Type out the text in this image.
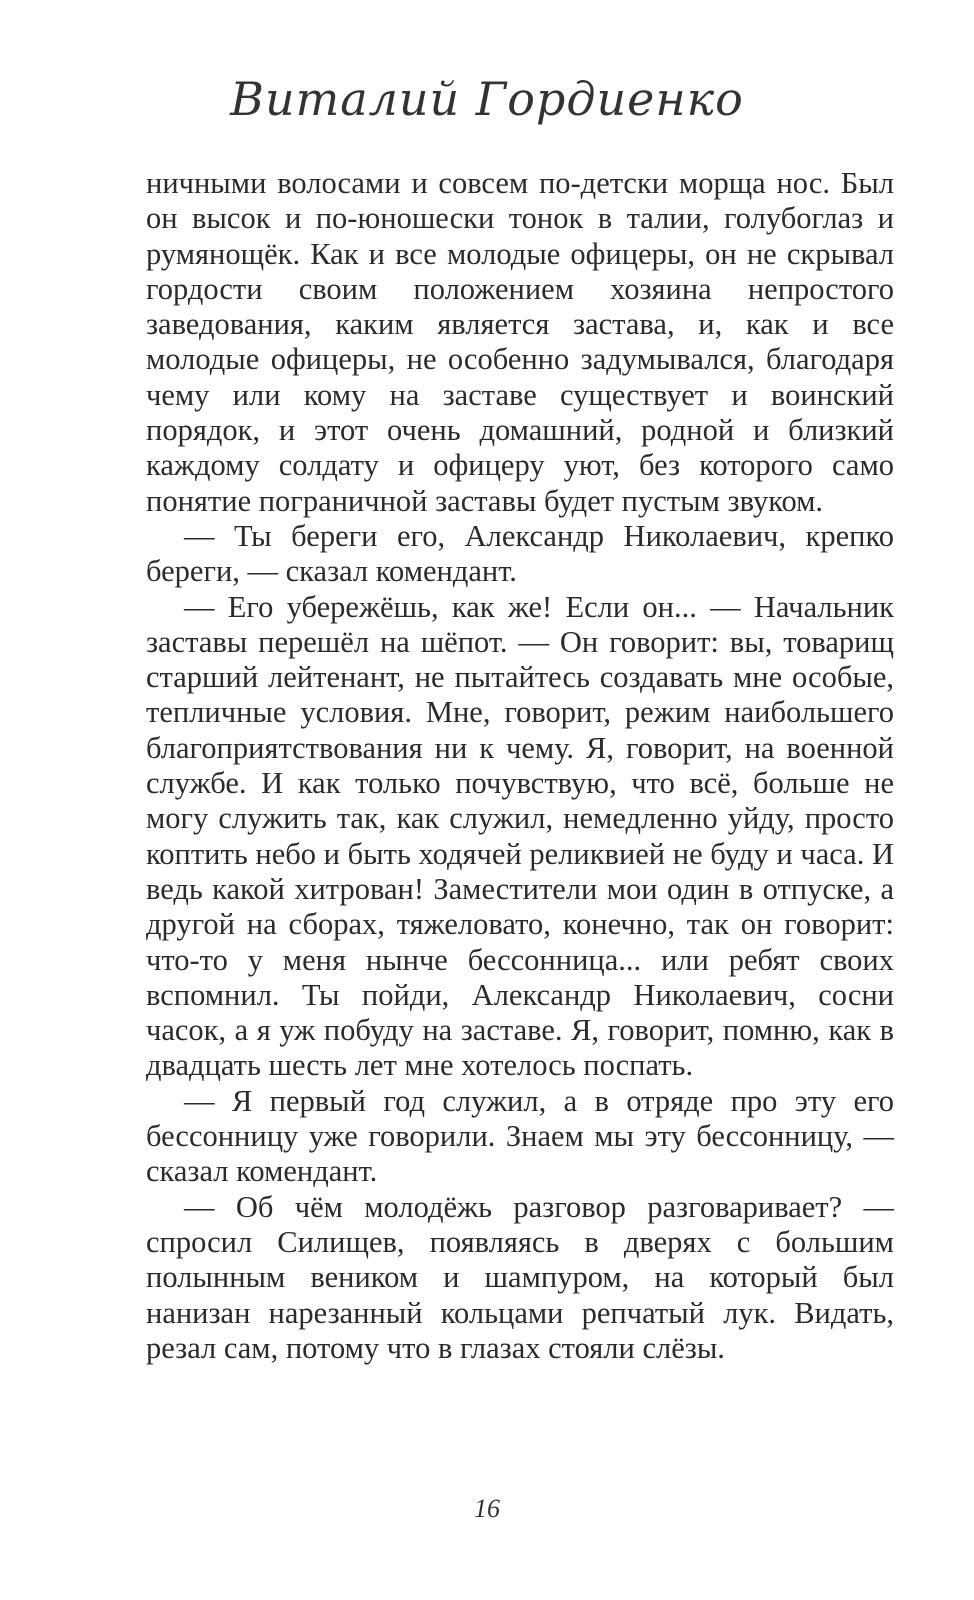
Виталий Гордиенко

ничными волосами и совсем по-детски морща нос. Был он высок и по-юношески тонок в талии, голубоглаз и румянощёк. Как и все молодые офицеры, он не скрывал гордости своим положением хозяина непростого заведования, каким является застава, и, как и все молодые офицеры, не особенно задумывался, благодаря чему или кому на заставе существует и воинский порядок, и этот очень домашний, родной и близкий каждому солдату и офицеру уют, без которого само понятие пограничной заставы будет пустым звуком.

— Ты береги его, Александр Николаевич, крепко береги, — сказал комендант.

— Его убережёшь, как же! Если он... — Начальник заставы перешёл на шёпот. — Он говорит: вы, товарищ старший лейтенант, не пытайтесь создавать мне особые, тепличные условия. Мне, говорит, режим наибольшего благоприятствования ни к чему. Я, говорит, на военной службе. И как только почувствую, что всё, больше не могу служить так, как служил, немедленно уйду, просто коптить небо и быть ходячей реликвией не буду и часа. И ведь какой хитрован! Заместители мои один в отпуске, а другой на сборах, тяжеловато, конечно, так он говорит: что-то у меня нынче бессонница... или ребят своих вспомнил. Ты пойди, Александр Николаевич, сосни часок, а я уж побуду на заставе. Я, говорит, помню, как в двадцать шесть лет мне хотелось поспать.

— Я первый год служил, а в отряде про эту его бессонницу уже говорили. Знаем мы эту бессонницу, — сказал комендант.

— Об чём молодёжь разговор разговаривает? — спросил Силищев, появляясь в дверях с большим полынным веником и шампуром, на который был нанизан нарезанный кольцами репчатый лук. Видать, резал сам, потому что в глазах стояли слёзы.

16
